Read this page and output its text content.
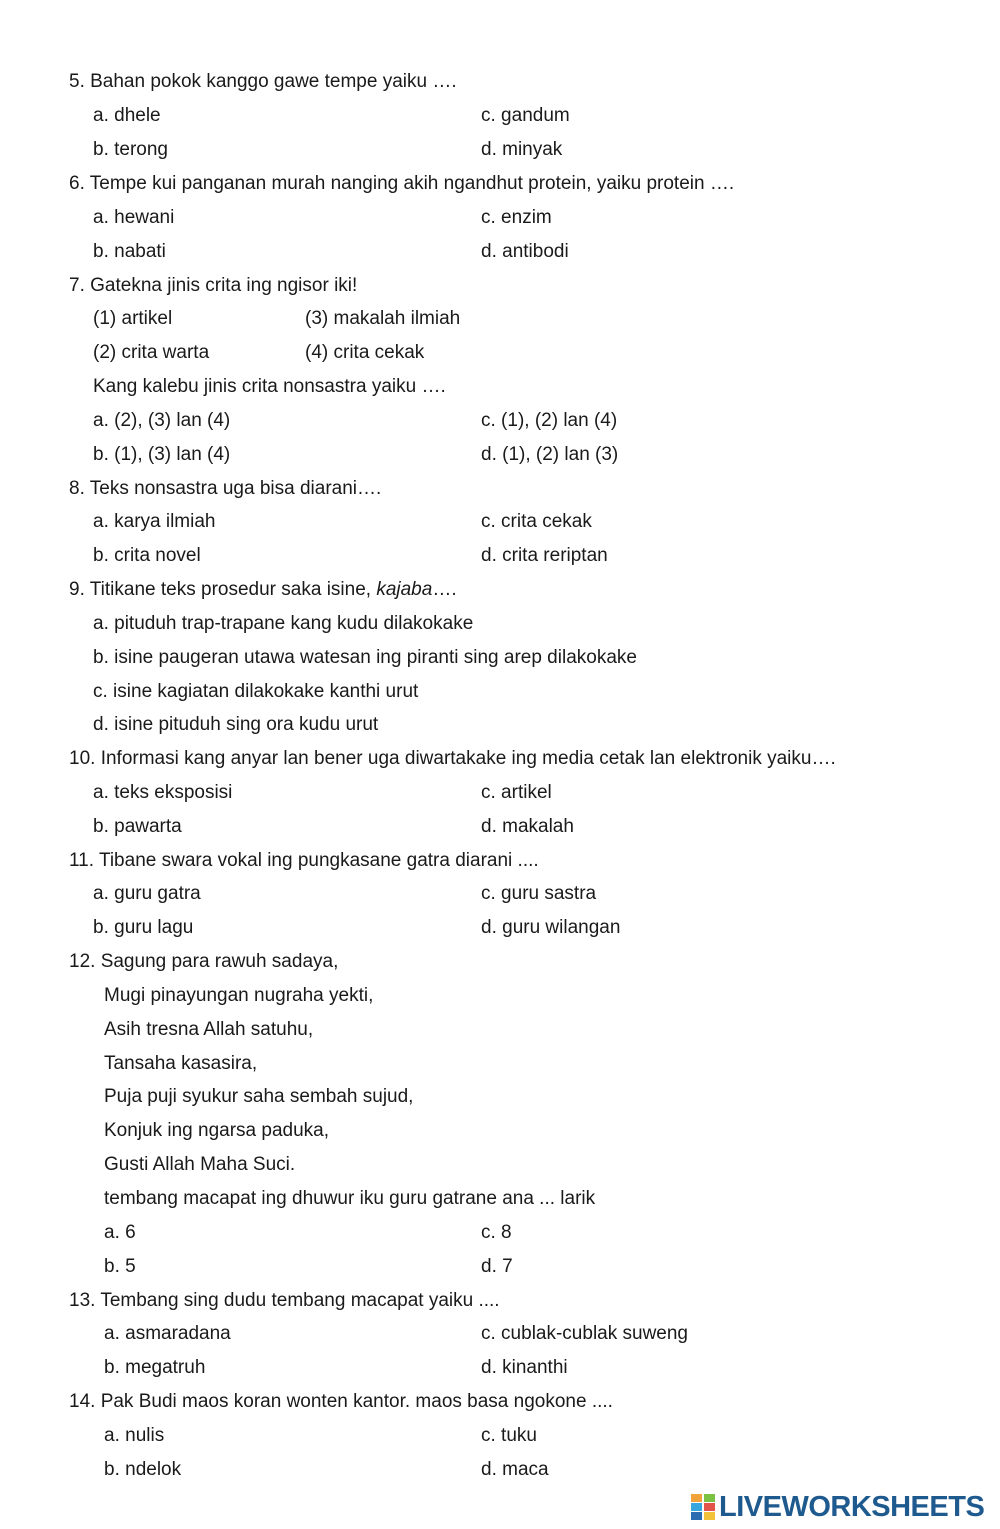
5. Bahan pokok kanggo gawe tempe yaiku ….
a. dhele	c. gandum
b. terong	d. minyak
6. Tempe kui panganan murah nanging akih ngandhut protein, yaiku protein ….
a. hewani	c. enzim
b. nabati	d. antibodi
7. Gatekna jinis crita ing ngisor iki!
(1) artikel	(3) makalah ilmiah
(2) crita warta	(4) crita cekak
Kang kalebu jinis crita nonsastra yaiku ….
a. (2), (3) lan (4)	c. (1), (2) lan (4)
b. (1), (3) lan (4)	d. (1), (2) lan (3)
8. Teks nonsastra uga bisa diarani….
a. karya ilmiah	c. crita cekak
b. crita novel	d. crita reriptan
9. Titikane teks prosedur saka isine, kajaba….
a. pituduh trap-trapane kang kudu dilakokake
b. isine paugeran utawa watesan ing piranti sing arep dilakokake
c. isine kagiatan dilakokake kanthi urut
d. isine pituduh sing ora kudu urut
10. Informasi kang anyar lan bener uga diwartakake ing media cetak lan elektronik yaiku….
a. teks eksposisi	c. artikel
b. pawarta	d. makalah
11. Tibane swara vokal ing pungkasane gatra diarani ....
a. guru gatra	c. guru sastra
b. guru lagu	d. guru wilangan
12. Sagung para rawuh sadaya,
Mugi pinayungan nugraha yekti,
Asih tresna Allah satuhu,
Tansaha kasasira,
Puja puji syukur saha sembah sujud,
Konjuk ing ngarsa paduka,
Gusti Allah Maha Suci.
tembang macapat ing dhuwur iku guru gatrane ana ... larik
a. 6	c. 8
b. 5	d. 7
13. Tembang sing dudu tembang macapat yaiku ....
a. asmaradana	c. cublak-cublak suweng
b. megatruh	d. kinanthi
14. Pak Budi maos koran wonten kantor. maos basa ngokone ....
a. nulis	c. tuku
b. ndelok	d. maca
LIVEWORKSHEETS
